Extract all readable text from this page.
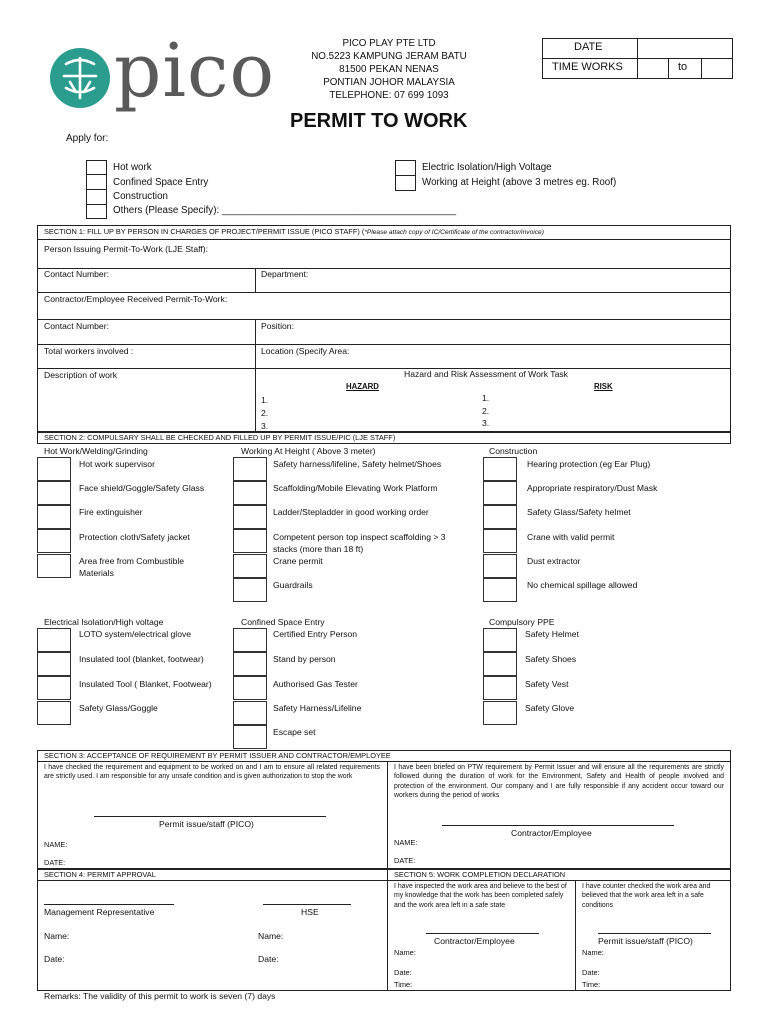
pico	PICO PLAY PTE LTD
NO.5223 KAMPUNG JERAM BATU
81500 PEKAN NENAS
PONTIAN JOHOR MALAYSIA
TELEPHONE: 07 699 1093
PERMIT TO WORK
DATE
TIME WORKS	to
Apply for:
Hot work
Confined Space Entry
Construction
Others (Please Specify): ___________________________________________
Electric Isolation/High Voltage
Working at Height (above 3 metres eg. Roof)
SECTION 1: FILL UP BY PERSON IN CHARGES OF PROJECT/PERMIT ISSUE (PICO STAFF) (*Please attach copy of IC/Certificate of the contractor/invoice)
Person Issuing Permit-To-Work (LJE Staff):
Contact Number:	Department:
Contractor/Employee Received Permit-To-Work:
Contact Number:	Position:
Total workers involved :	Location (Specify Area:
Description of work	Hazard and Risk Assessment of Work Task
HAZARD	RISK
1.
2.
3.
1.
2.
3.
SECTION 2: COMPULSARY SHALL BE CHECKED AND FILLED UP BY PERMIT ISSUE/PIC (LJE STAFF)
Hot Work/Welding/Grinding	Working At Height ( Above 3 meter)	Construction
Hot work supervisor
Face shield/Goggle/Safety Glass
Fire extinguisher
Protection cloth/Safety jacket
Area free from Combustible
Materials
Safety harness/lifeline, Safety helmet/Shoes
Scaffolding/Mobile Elevating Work Platform
Ladder/Stepladder in good working order
Competent person top inspect scaffolding > 3
stacks (more than 18 ft)
Crane permit
Guardrails
Hearing protection (eg Ear Plug)
Appropriate respiratory/Dust Mask
Safety Glass/Safety helmet
Crane with valid permit
Dust extractor
No chemical spillage allowed
Electrical Isolation/High voltage	Confined Space Entry	Compulsory PPE
LOTO system/electrical glove
Insulated tool (blanket, footwear)
Insulated Tool ( Blanket, Footwear)
Safety Glass/Goggle
Certified Entry Person
Stand by person
Authorised Gas Tester
Safety Harness/Lifeline
Escape set
Safety Helmet
Safety Shoes
Safety Vest
Safety Glove
SECTION 3: ACCEPTANCE OF REQUIREMENT BY PERMIT ISSUER AND CONTRACTOR/EMPLOYEE
I have checked the requirement and equipment to be worked on and I am to ensure all related requirements are strictly used. I am responsible for any unsafe condition and is given authorization to stop the work
I have been briefed on PTW requirement by Permit Issuer and will ensure all the requirements are strictly followed during the duration of work for the Environment, Safety and Health of people involved and protection of the environment. Our company and I are fully responsible if any accident occur toward our workers during the period of works
Permit issue/staff (PICO)
Contractor/Employee
NAME:
DATE:
NAME:
DATE:
SECTION 4: PERMIT APPROVAL
Management Representative	HSE
Name:	Name:
Date:	Date:
SECTION 5: WORK COMPLETION DECLARATION
I have inspected the work area and believe to the best of my knowledge that the work has been completed safely and the work area left in a safe state
I have counter checked the work area and believed that the work area left in a safe conditions
Contractor/Employee	Permit issue/staff (PICO)
Name:
Date:
Time:
Name:
Date:
Time:
Remarks: The validity of this permit to work is seven (7) days
